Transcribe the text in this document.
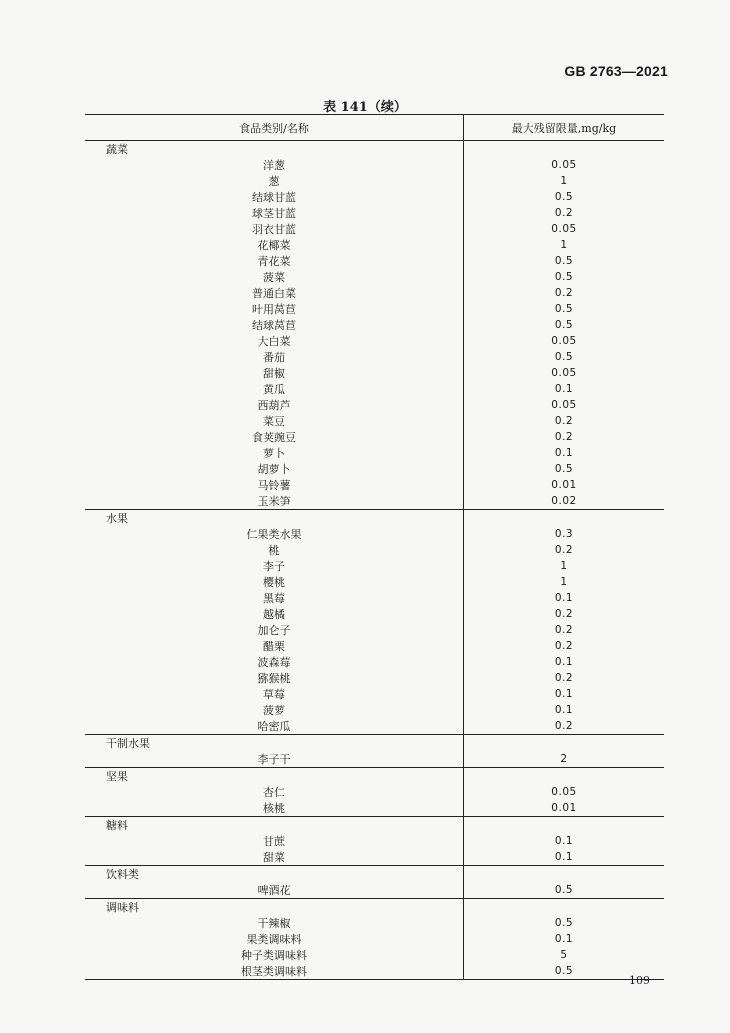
GB 2763—2021
表 141（续）
食品类别/名称	最大残留限量,mg/kg
蔬菜	
洋葱	0.05
葱	1
结球甘蓝	0.5
球茎甘蓝	0.2
羽衣甘蓝	0.05
花椰菜	1
青花菜	0.5
菠菜	0.5
普通白菜	0.2
叶用莴苣	0.5
结球莴苣	0.5
大白菜	0.05
番茄	0.5
甜椒	0.05
黄瓜	0.1
西葫芦	0.05
菜豆	0.2
食荚豌豆	0.2
萝卜	0.1
胡萝卜	0.5
马铃薯	0.01
玉米笋	0.02
水果	
仁果类水果	0.3
桃	0.2
李子	1
樱桃	1
黑莓	0.1
越橘	0.2
加仑子	0.2
醋栗	0.2
波森莓	0.1
猕猴桃	0.2
草莓	0.1
菠萝	0.1
哈密瓜	0.2
干制水果	
李子干	2
坚果	
杏仁	0.05
核桃	0.01
糖料	
甘蔗	0.1
甜菜	0.1
饮料类	
啤酒花	0.5
调味料	
干辣椒	0.5
果类调味料	0.1
种子类调味料	5
根茎类调味料	0.5
109
